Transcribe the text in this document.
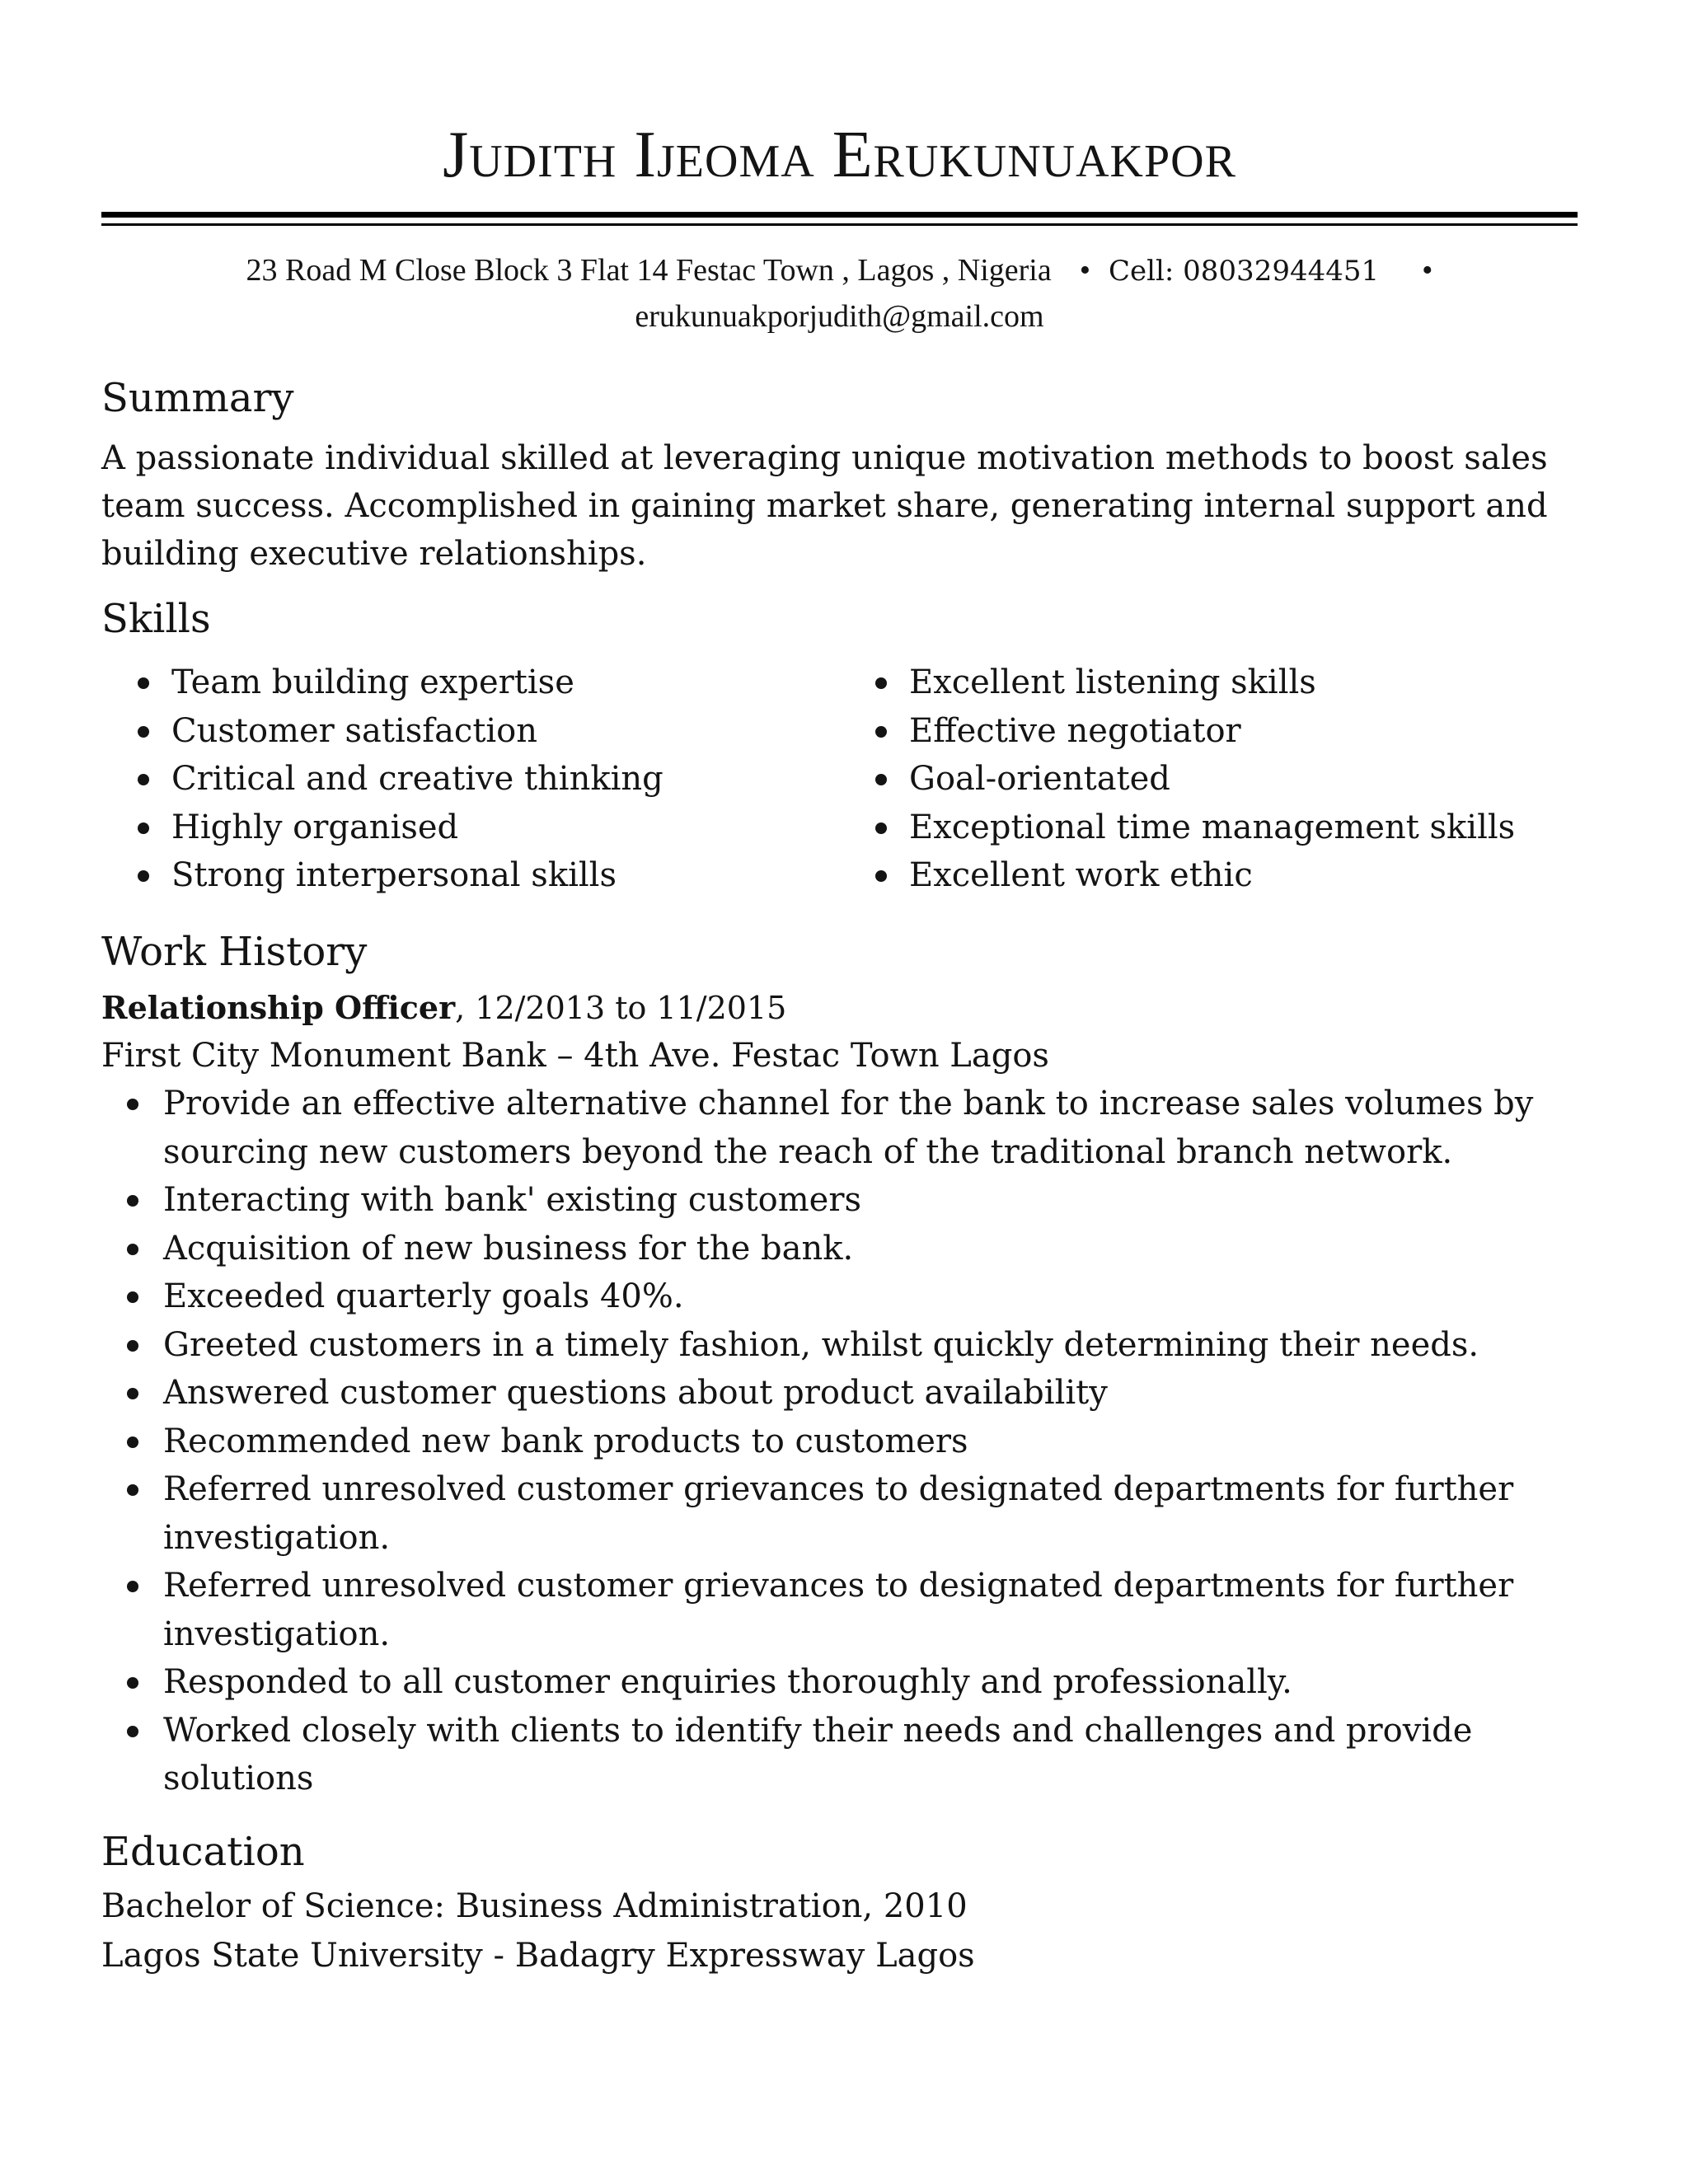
Judith Ijeoma Erukunuakpor
23 Road M Close Block 3 Flat 14 Festac Town , Lagos , Nigeria • Cell: 08032944451 •
erukunuakporjudith@gmail.com
Summary
A passionate individual skilled at leveraging unique motivation methods to boost sales
team success. Accomplished in gaining market share, generating internal support and
building executive relationships.
Skills
Team building expertise
Customer satisfaction
Critical and creative thinking
Highly organised
Strong interpersonal skills
Excellent listening skills
Effective negotiator
Goal-orientated
Exceptional time management skills
Excellent work ethic
Work History
Relationship Officer, 12/2013 to 11/2015
First City Monument Bank – 4th Ave. Festac Town Lagos
Provide an effective alternative channel for the bank to increase sales volumes by
sourcing new customers beyond the reach of the traditional branch network.
Interacting with bank' existing customers
Acquisition of new business for the bank.
Exceeded quarterly goals 40%.
Greeted customers in a timely fashion, whilst quickly determining their needs.
Answered customer questions about product availability
Recommended new bank products to customers
Referred unresolved customer grievances to designated departments for further
investigation.
Referred unresolved customer grievances to designated departments for further
investigation.
Responded to all customer enquiries thoroughly and professionally.
Worked closely with clients to identify their needs and challenges and provide
solutions
Education
Bachelor of Science: Business Administration, 2010
Lagos State University - Badagry Expressway Lagos
